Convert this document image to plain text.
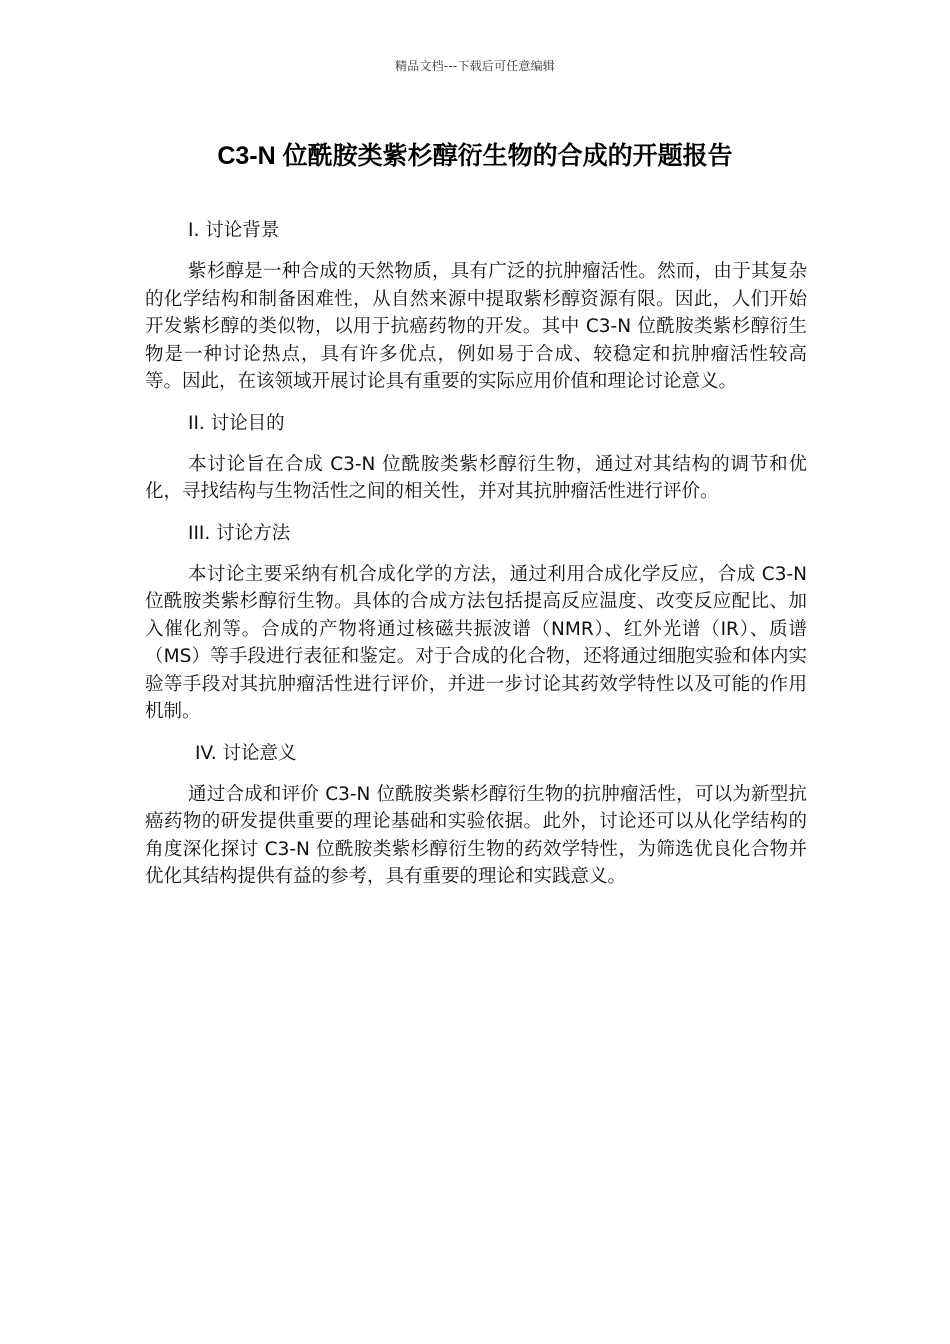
精品文档---下载后可任意编辑
C3-N 位酰胺类紫杉醇衍生物的合成的开题报告
I. 讨论背景

紫杉醇是一种合成的天然物质，具有广泛的抗肿瘤活性。然而，由于其复杂的化学结构和制备困难性，从自然来源中提取紫杉醇资源有限。因此，人们开始开发紫杉醇的类似物，以用于抗癌药物的开发。其中 C3-N 位酰胺类紫杉醇衍生物是一种讨论热点，具有许多优点，例如易于合成、较稳定和抗肿瘤活性较高等。因此，在该领域开展讨论具有重要的实际应用价值和理论讨论意义。

II. 讨论目的

本讨论旨在合成 C3-N 位酰胺类紫杉醇衍生物，通过对其结构的调节和优化，寻找结构与生物活性之间的相关性，并对其抗肿瘤活性进行评价。

III. 讨论方法

本讨论主要采纳有机合成化学的方法，通过利用合成化学反应，合成 C3-N 位酰胺类紫杉醇衍生物。具体的合成方法包括提高反应温度、改变反应配比、加入催化剂等。合成的产物将通过核磁共振波谱（NMR）、红外光谱（IR）、质谱（MS）等手段进行表征和鉴定。对于合成的化合物，还将通过细胞实验和体内实验等手段对其抗肿瘤活性进行评价，并进一步讨论其药效学特性以及可能的作用机制。

IV. 讨论意义

通过合成和评价 C3-N 位酰胺类紫杉醇衍生物的抗肿瘤活性，可以为新型抗癌药物的研发提供重要的理论基础和实验依据。此外，讨论还可以从化学结构的角度深化探讨 C3-N 位酰胺类紫杉醇衍生物的药效学特性，为筛选优良化合物并优化其结构提供有益的参考，具有重要的理论和实践意义。
